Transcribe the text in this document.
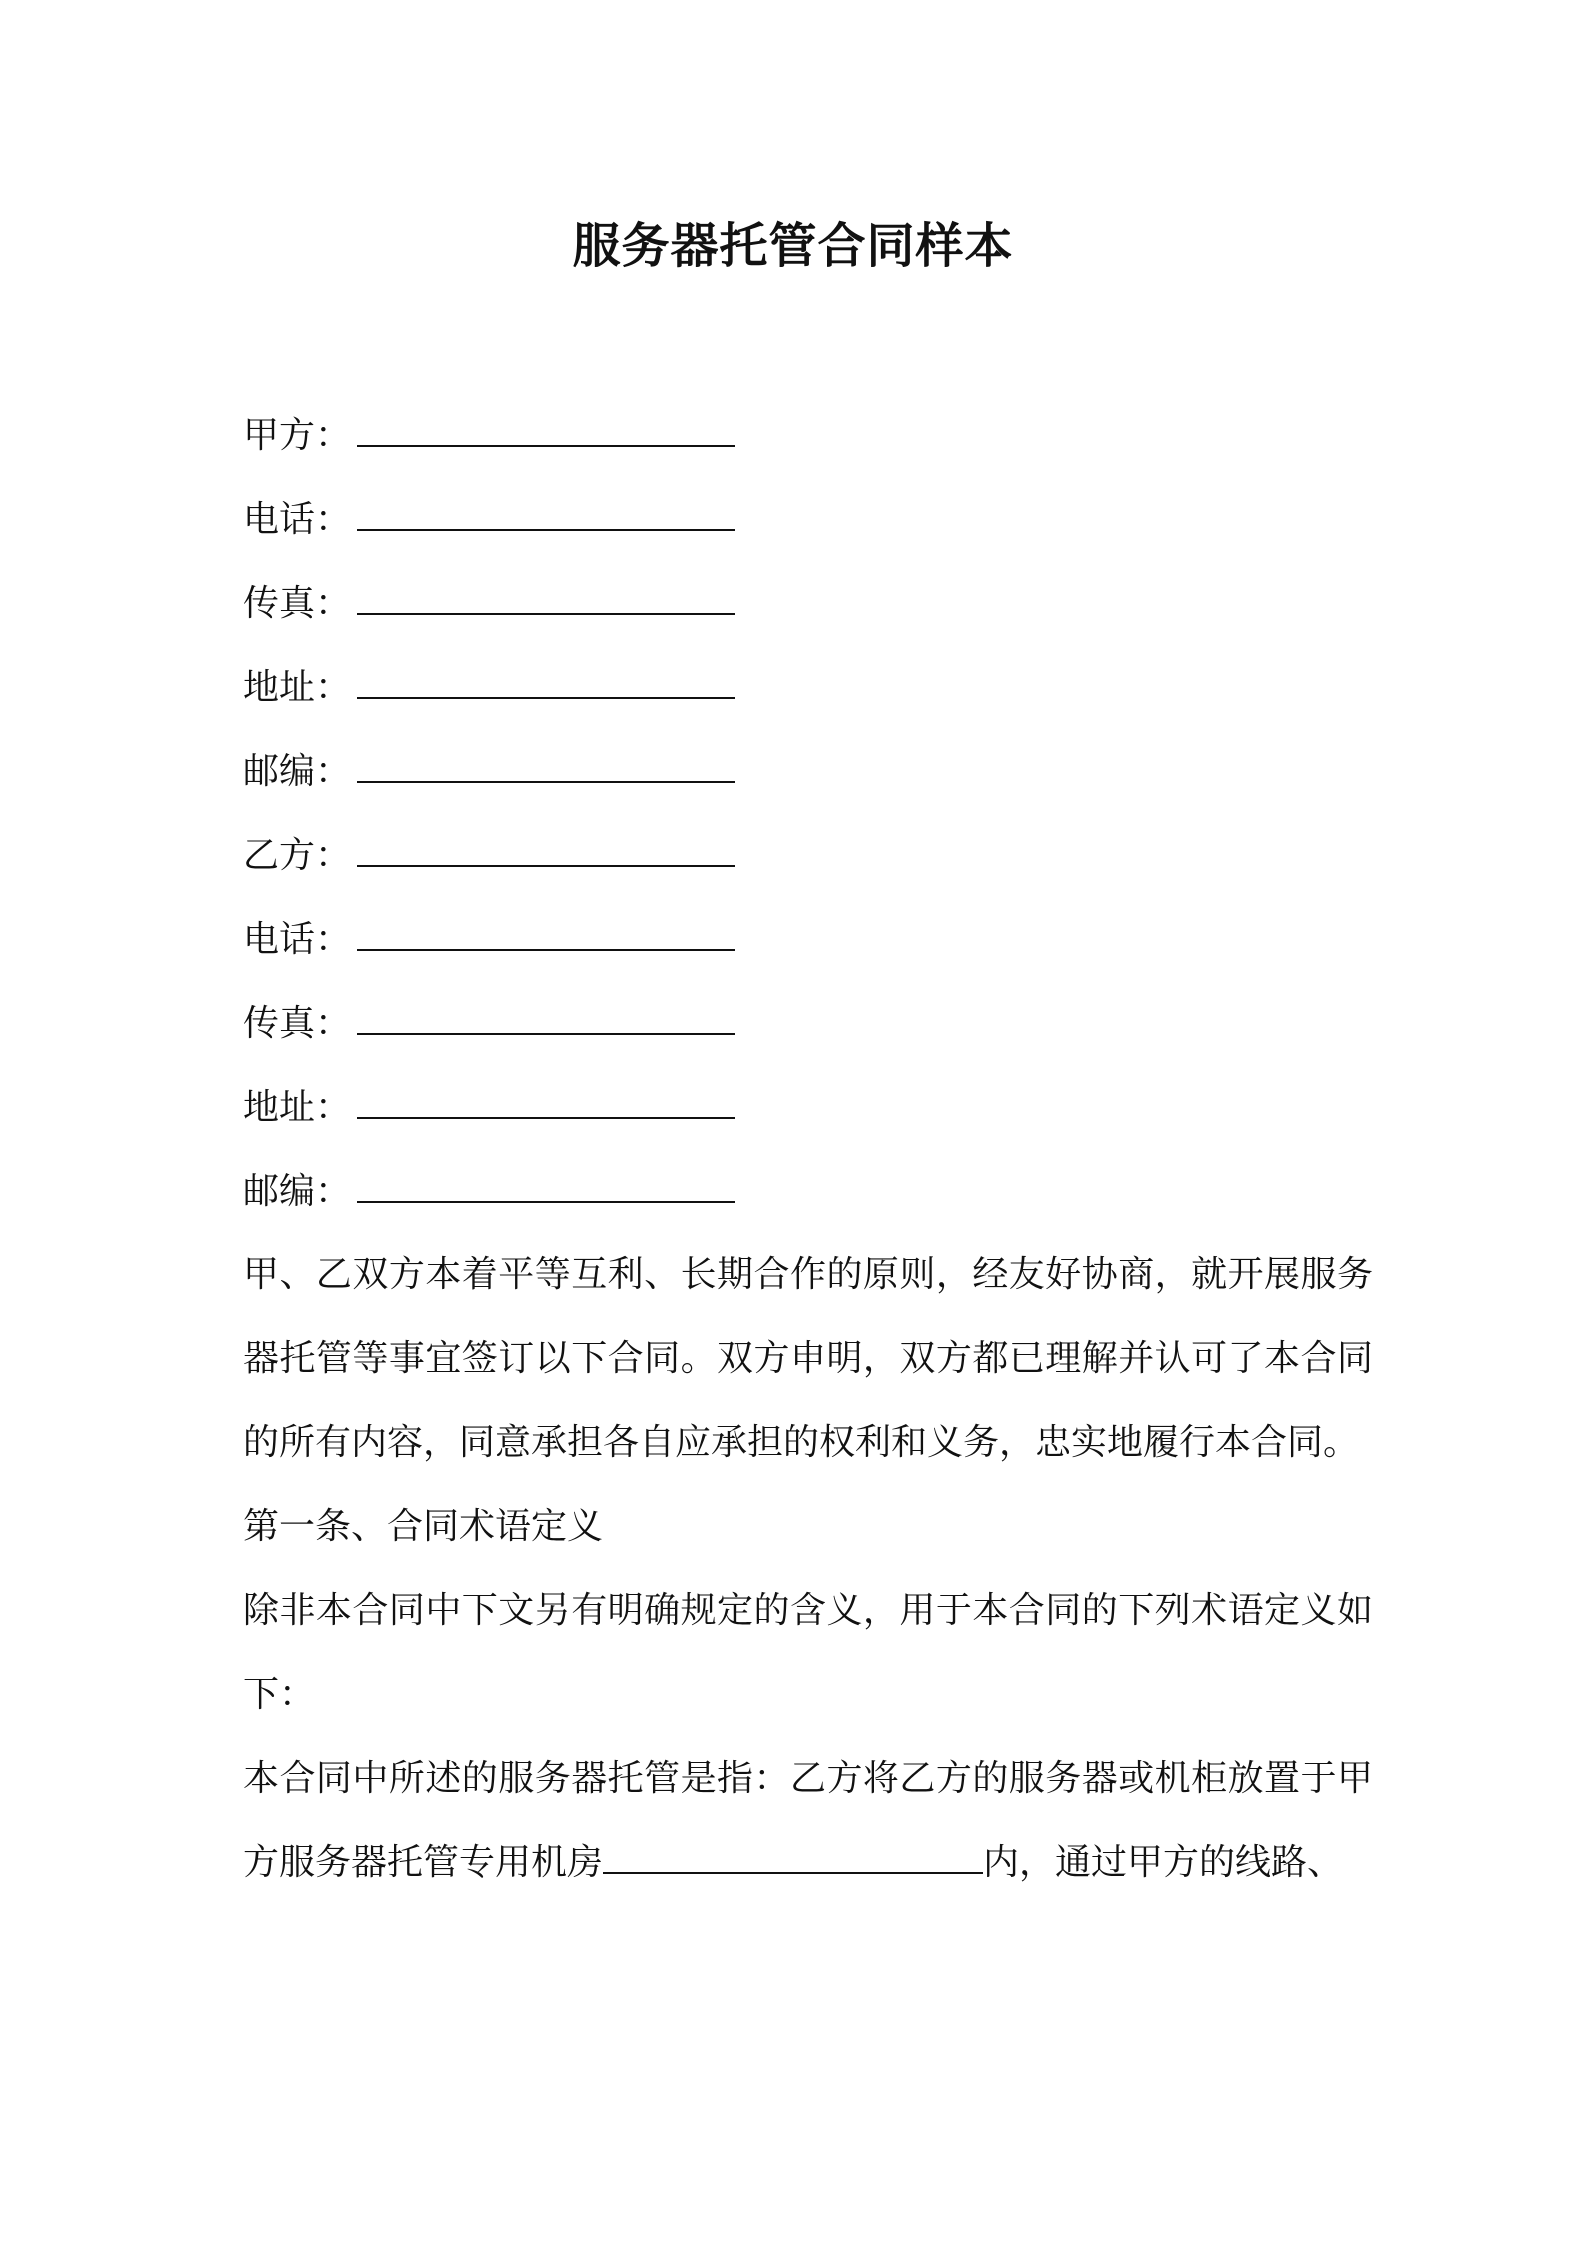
服务器托管合同样本
甲方：
电话：
传真：
地址：
邮编：
乙方：
电话：
传真：
地址：
邮编：

甲、乙双方本着平等互利、长期合作的原则，经友好协商，就开展服务器托管等事宜签订以下合同。双方申明，双方都已理解并认可了本合同的所有内容，同意承担各自应承担的权利和义务，忠实地履行本合同。

第一条、合同术语定义

除非本合同中下文另有明确规定的含义，用于本合同的下列术语定义如下：

本合同中所述的服务器托管是指：乙方将乙方的服务器或机柜放置于甲方服务器托管专用机房	内，通过甲方的线路、
